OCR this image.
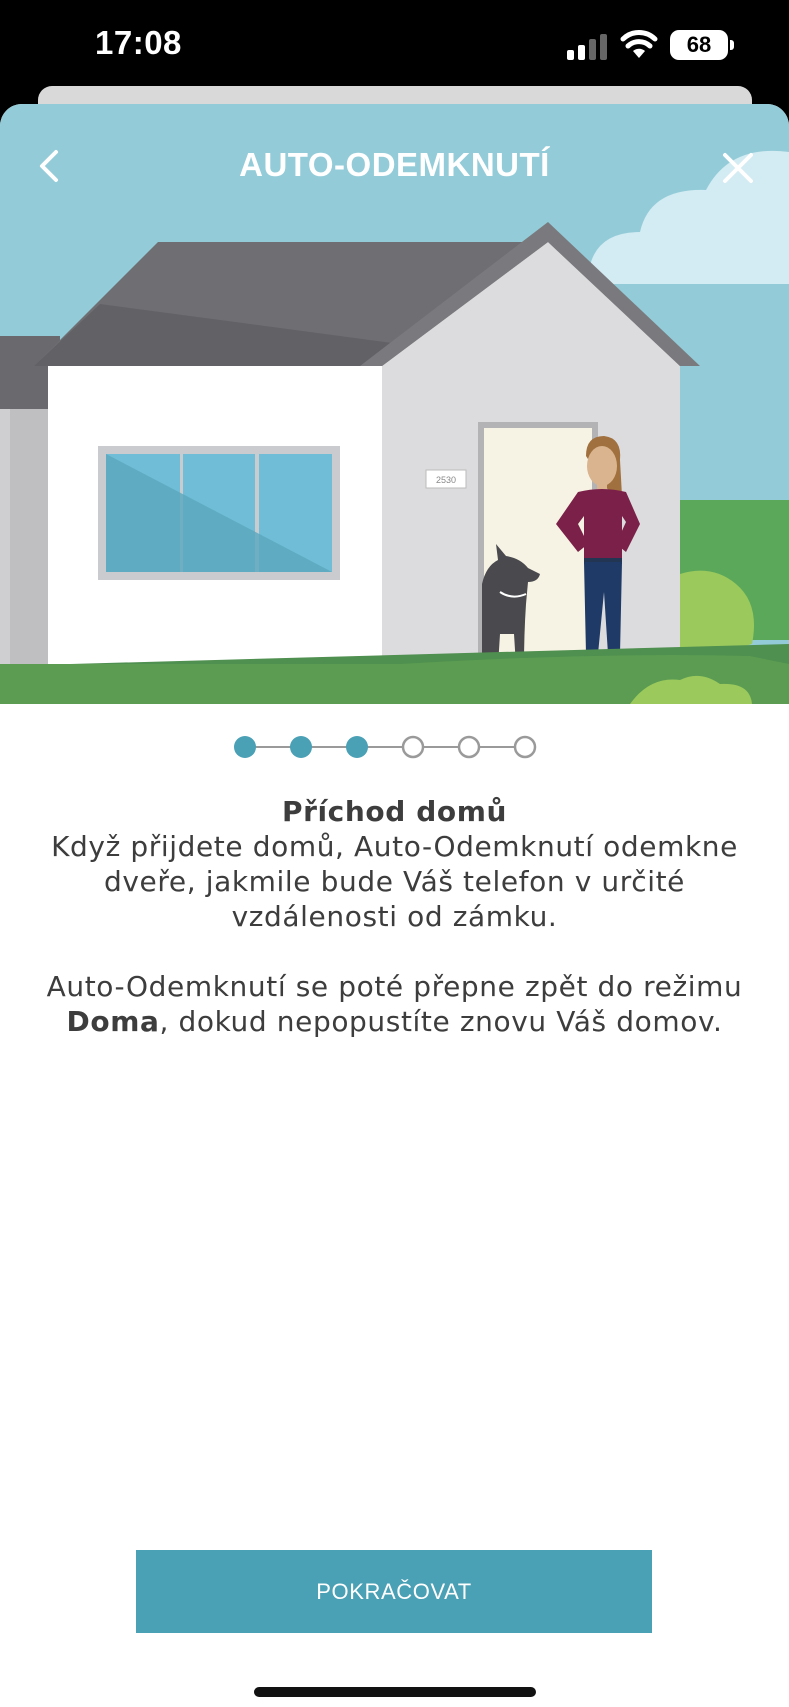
17:08	68
2530
AUTO-ODEMKNUTÍ

Příchod domů

Když přijdete domů, Auto-Odemknutí odemkne dveře, jakmile bude Váš telefon v určité vzdálenosti od zámku.

Auto-Odemknutí se poté přepne zpět do režimu Doma, dokud nepopustíte znovu Váš domov.

POKRAČOVAT
